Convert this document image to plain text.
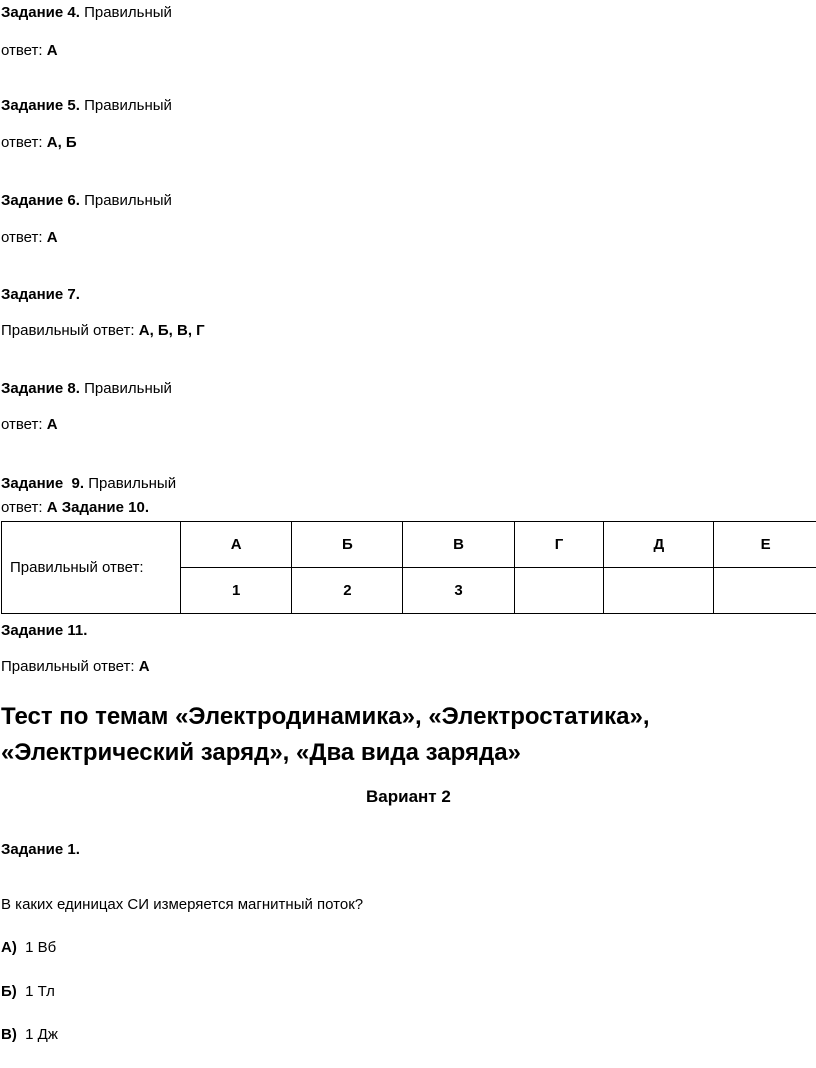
Задание 4. Правильный
ответ: А
Задание 5. Правильный
ответ: А, Б
Задание 6. Правильный
ответ: А
Задание 7.
Правильный ответ: А, Б, В, Г
Задание 8. Правильный
ответ: А
Задание  9. Правильный
ответ: А Задание 10.
Правильный ответ:	А	Б	В	Г	Д	Е
	1	2	3			
Задание 11.
Правильный ответ: А
Тест по темам «Электродинамика», «Электростатика»,
«Электрический заряд», «Два вида заряда»
Вариант 2
Задание 1.
В каких единицах СИ измеряется магнитный поток?
А) 1 Вб
Б) 1 Тл
В) 1 Дж
